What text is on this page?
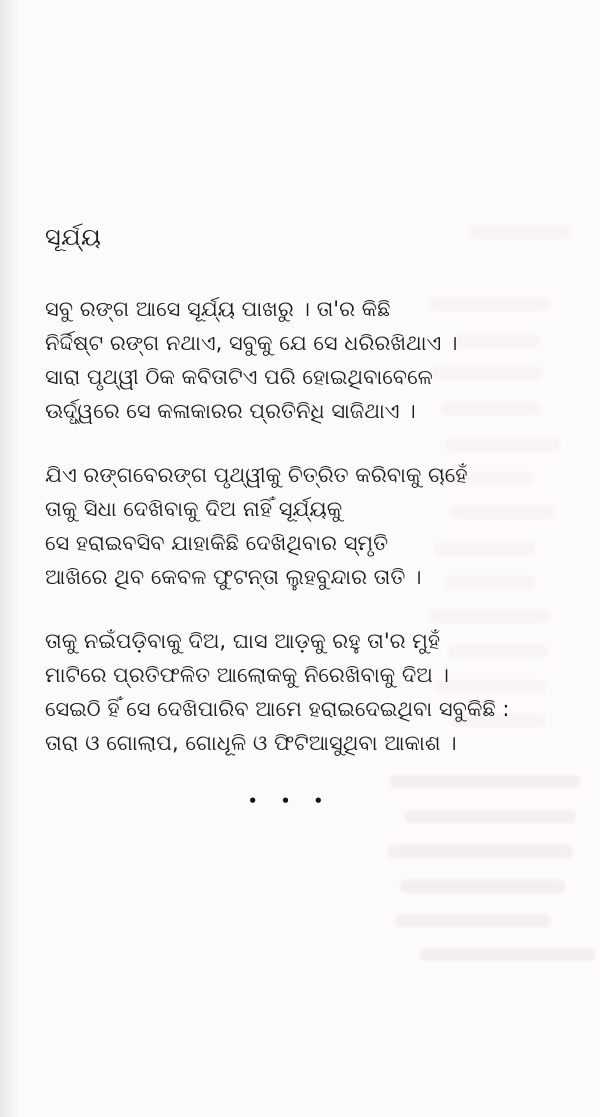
ସୂର୍ଯ୍ୟ
ସବୁ ରଙ୍ଗ ଆସେ ସୂର୍ଯ୍ୟ ପାଖରୁ । ତା'ର କିଛି
ନିର୍ଦ୍ଦିଷ୍ଟ ରଙ୍ଗ ନଥାଏ, ସବୁକୁ ଯେ ସେ ଧରିରଖିଥାଏ ।
ସାରା ପୃଥ୍ୱୀ ଠିକ କବିତାଟିଏ ପରି ହୋଇଥିବାବେଳେ
ଊର୍ଦ୍ଧ୍ୱରେ ସେ କଳାକାରର ପ୍ରତିନିଧି ସାଜିଥାଏ ।
ଯିଏ ରଙ୍ଗବେରଙ୍ଗ ପୃଥ୍ୱୀକୁ ଚିତ୍ରିତ କରିବାକୁ ଚାହେଁ
ତାକୁ ସିଧା ଦେଖିବାକୁ ଦିଅ ନାହିଁ ସୂର୍ଯ୍ୟକୁ
ସେ ହରାଇବସିବ ଯାହାକିଛି ଦେଖିଥିବାର ସ୍ମୃତି
ଆଖିରେ ଥିବ କେବଳ ଫୁଟନ୍ତା ଲୁହବୁନ୍ଦାର ତାତି ।
ତାକୁ ନଇଁପଡ଼ିବାକୁ ଦିଅ, ଘାସ ଆଡ଼କୁ ରହୁ ତା'ର ମୁହଁ
ମାଟିରେ ପ୍ରତିଫଳିତ ଆଲୋକକୁ ନିରେଖିବାକୁ ଦିଅ ।
ସେଇଠି ହିଁ ସେ ଦେଖିପାରିବ ଆମେ ହରାଇଦେଇଥିବା ସବୁକିଛି :
ତାରା ଓ ଗୋଲାପ, ଗୋଧୂଳି ଓ ଫିଟିଆସୁଥିବା ଆକାଶ ।
• • •
